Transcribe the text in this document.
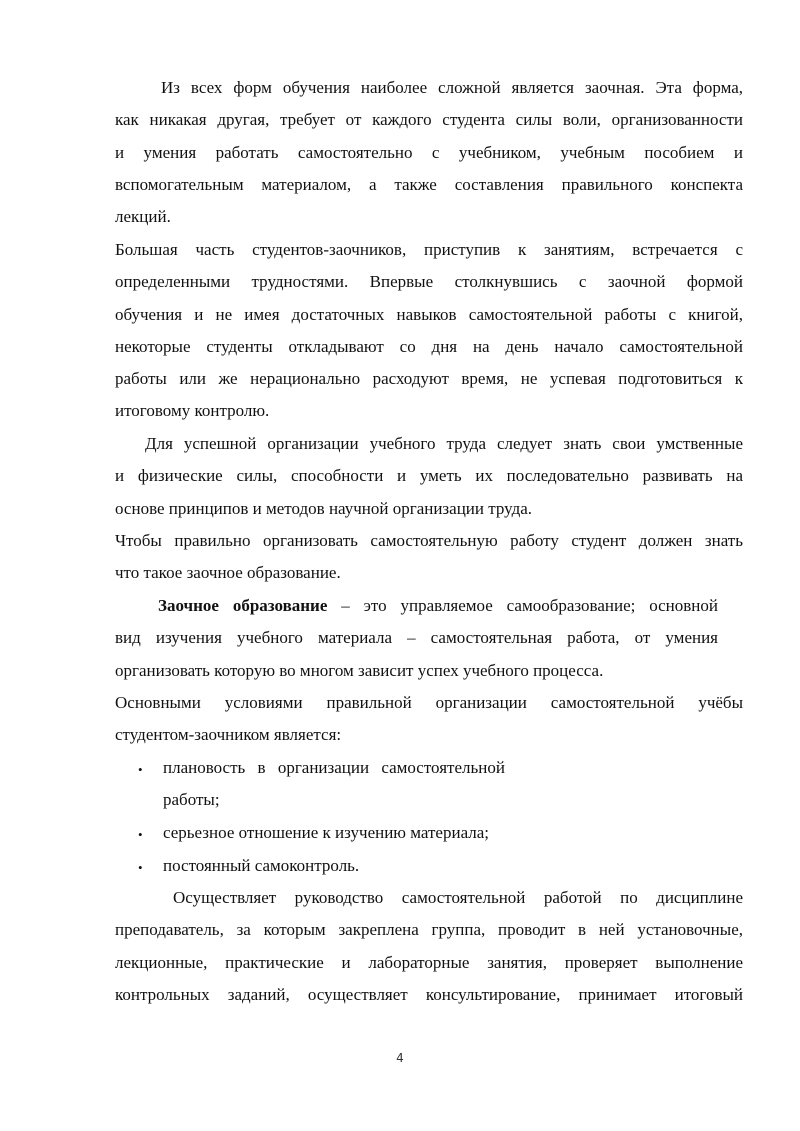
Из всех форм обучения наиболее сложной является заочная. Эта форма,
как никакая другая, требует от каждого студента силы воли, организованности
и умения работать самостоятельно с учебником, учебным пособием и
вспомогательным материалом, а также составления правильного конспекта
лекций.
Большая часть студентов-заочников, приступив к занятиям, встречается с
определенными трудностями. Впервые столкнувшись с заочной формой
обучения и не имея достаточных навыков самостоятельной работы с книгой,
некоторые студенты откладывают со дня на день начало самостоятельной
работы или же нерационально расходуют время, не успевая подготовиться к
итоговому контролю.
Для успешной организации учебного труда следует знать свои умственные
и физические силы, способности и уметь их последовательно развивать на
основе принципов и методов научной организации труда.
Чтобы правильно организовать самостоятельную работу студент должен знать
что такое заочное образование.
Заочное образование – это управляемое самообразование; основной
вид изучения учебного материала – самостоятельная работа, от умения
организовать которую во многом зависит успех учебного процесса.
Основными условиями правильной организации самостоятельной учёбы
студентом-заочником является:
• плановость в организации самостоятельной
работы;
• серьезное отношение к изучению материала;
• постоянный самоконтроль.
Осуществляет руководство самостоятельной работой по дисциплине
преподаватель, за которым закреплена группа, проводит в ней установочные,
лекционные, практические и лабораторные занятия, проверяет выполнение
контрольных заданий, осуществляет консультирование, принимает итоговый
4
